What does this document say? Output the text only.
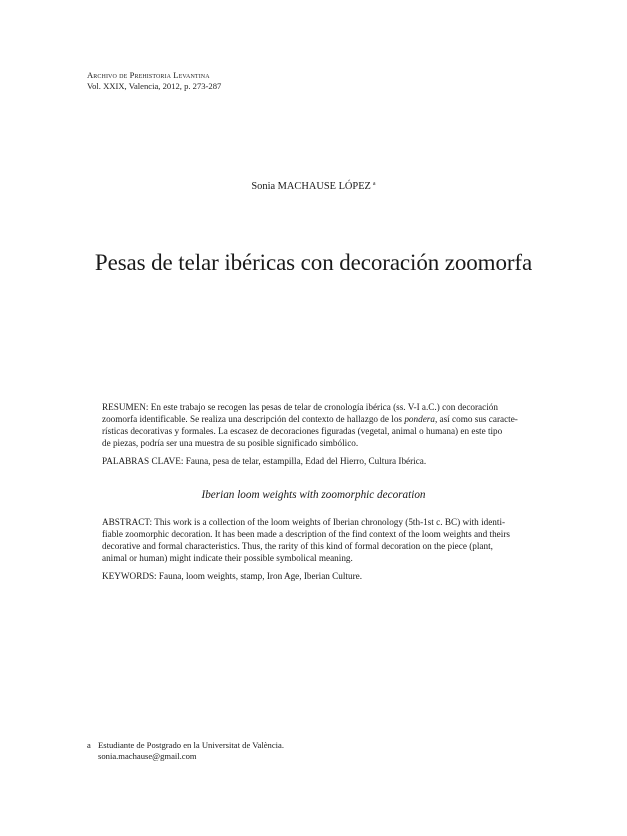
Archivo de Prehistoria Levantina
Vol. XXIX, Valencia, 2012, p. 273-287
Sonia MACHAUSE LÓPEZ $^a$
Pesas de telar ibéricas con decoración zoomorfa

RESUMEN: En este trabajo se recogen las pesas de telar de cronología ibérica (ss. V-I a.C.) con decoración
zoomorfa identificable. Se realiza una descripción del contexto de hallazgo de los pondera, así como sus caracte-
rísticas decorativas y formales. La escasez de decoraciones figuradas (vegetal, animal o humana) en este tipo
de piezas, podría ser una muestra de su posible significado simbólico.

PALABRAS CLAVE: Fauna, pesa de telar, estampilla, Edad del Hierro, Cultura Ibérica.

Iberian loom weights with zoomorphic decoration

ABSTRACT: This work is a collection of the loom weights of Iberian chronology (5th-1st c. BC) with identi-
fiable zoomorphic decoration. It has been made a description of the find context of the loom weights and theirs
decorative and formal characteristics. Thus, the rarity of this kind of formal decoration on the piece (plant,
animal or human) might indicate their possible symbolical meaning.

KEYWORDS: Fauna, loom weights, stamp, Iron Age, Iberian Culture.

a Estudiante de Postgrado en la Universitat de València.
sonia.machause@gmail.com
